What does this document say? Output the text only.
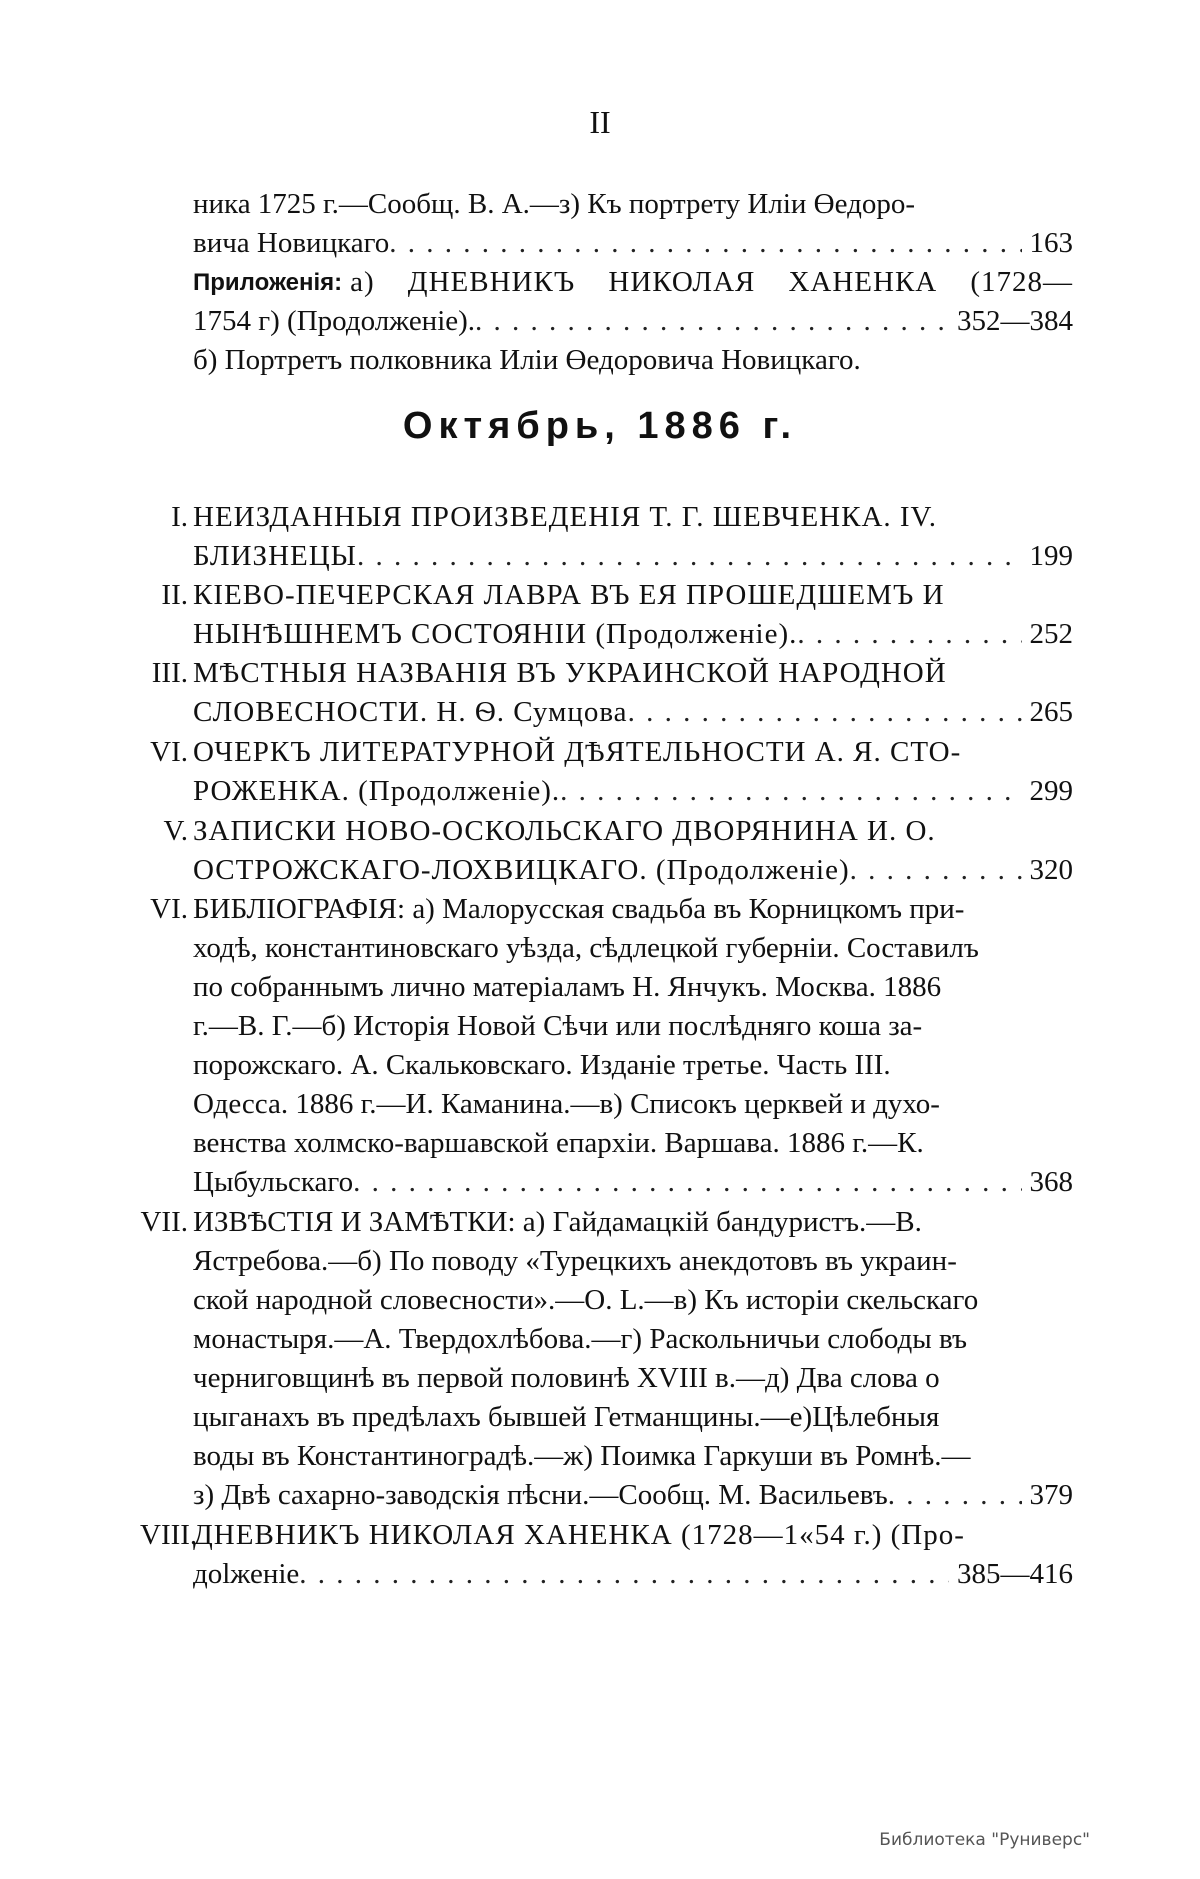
II
ника 1725 г.—Сообщ. В. А.—з) Къ портрету Иліи Өедоро-
вича Новицкаго . . .	163
Приложенія: а) ДНЕВНИКЪ НИКОЛАЯ ХАНЕНКА (1728—
1754 г) (Продолженіе). . . .	352—384
б) Портретъ полковника Иліи Өедоровича Новицкаго.
Октябрь, 1886 г.
I. НЕИЗДАННЫЯ ПРОИЗВЕДЕНІЯ Т. Г. ШЕВЧЕНКА. IV.
БЛИЗНЕЦЫ . . .	199
II. КІЕВО-ПЕЧЕРСКАЯ ЛАВРА ВЪ ЕЯ ПРОШЕДШЕМЪ И
НЫНѢШНЕМЪ СОСТОЯНІИ (Продолженіе). . . .	252
III. МѢСТНЫЯ НАЗВАНІЯ ВЪ УКРАИНСКОЙ НАРОДНОЙ
СЛОВЕСНОСТИ. Н. Ѳ. Сумцова . . .	265
VI. ОЧЕРКЪ ЛИТЕРАТУРНОЙ ДѢЯТЕЛЬНОСТИ А. Я. СТО-
РОЖЕНКА. (Продолженіе). . . .	299
V. ЗАПИСКИ НОВО-ОСКОЛЬСКАГО ДВОРЯНИНА И. О.
ОСТРОЖСКАГО-ЛОХВИЦКАГО. (Продолженіе) . . .	320
VI. БИБЛІОГРАФІЯ: а) Малорусская свадьба въ Корницкомъ при-
ходѣ, константиновскаго уѣзда, сѣдлецкой губерніи. Составилъ
по собраннымъ лично матеріаламъ Н. Янчукъ. Москва. 1886
г.—В. Г.—б) Исторія Новой Сѣчи или послѣдняго коша за-
порожскаго. А. Скальковскаго. Изданіе третье. Часть III.
Одесса. 1886 г.—И. Каманина.—в) Списокъ церквей и духо-
венства холмско-варшавской епархіи. Варшава. 1886 г.—К.
Цыбульскаго . . .	368
VII. ИЗВѢСТІЯ И ЗАМѢТКИ: а) Гайдамацкій бандуристъ.—В.
Ястребова.—б) По поводу «Турецкихъ анекдотовъ въ украин-
ской народной словесности».—О. L.—в) Къ исторіи скельскаго
монастыря.—А. Твердохлѣбова.—г) Раскольничьи слободы въ
черниговщинѣ въ первой половинѣ XVIII в.—д) Два слова о
цыганахъ въ предѣлахъ бывшей Гетманщины.—е)Цѣлебныя
воды въ Константиноградѣ.—ж) Поимка Гаркуши въ Ромнѣ.—
з) Двѣ сахарно-заводскія пѣсни.—Сообщ. М. Васильевъ . . .	379
VIII.
ДНЕВНИКЪ НИКОЛАЯ ХАНЕНКА (1728—1«54 г.) (Про-
доlженіе . . .	385—416
Библиотека "Руниверс"
